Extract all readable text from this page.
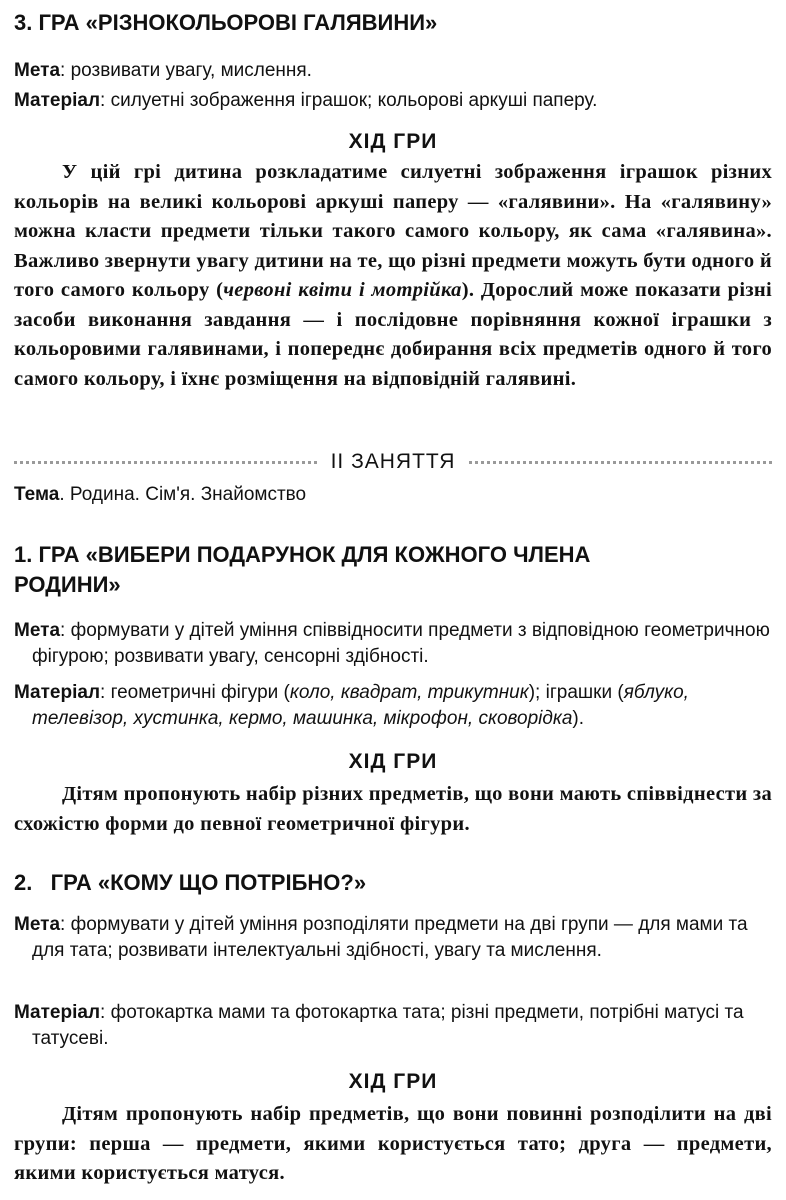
3. ГРА «РІЗНОКОЛЬОРОВІ ГАЛЯВИНИ»

Мета: розвивати увагу, мислення.

Матеріал: силуетні зображення іграшок; кольорові аркуші паперу.

ХІД ГРИ

У цій грі дитина розкладатиме силуетні зображення іграшок різних кольорів на великі кольорові аркуші паперу — «галявини». На «галявину» можна класти предмети тільки такого самого кольору, як сама «галявина». Важливо звернути увагу дитини на те, що різні предмети можуть бути одного й того самого кольору (червоні квіти і мотрійка). Дорослий може показати різні засоби виконання завдання — і послідовне порівняння кожної іграшки з кольоровими галявинами, і попереднє добирання всіх предметів одного й того самого кольору, і їхнє розміщення на відповідній галявині.

II ЗАНЯТТЯ

Тема. Родина. Сім'я. Знайомство

1. ГРА «ВИБЕРИ ПОДАРУНОК ДЛЯ КОЖНОГО ЧЛЕНА РОДИНИ»

Мета: формувати у дітей уміння співвідносити предмети з відповідною геометричною фігурою; розвивати увагу, сенсорні здібності.

Матеріал: геометричні фігури (коло, квадрат, трикутник); іграшки (яблуко, телевізор, хустинка, кермо, машинка, мікрофон, сковорідка).

ХІД ГРИ

Дітям пропонують набір різних предметів, що вони мають співвіднести за схожістю форми до певної геометричної фігури.

2.   ГРА «КОМУ ЩО ПОТРІБНО?»

Мета: формувати у дітей уміння розподіляти предмети на дві групи — для мами та для тата; розвивати інтелектуальні здібності, увагу та мислення.

Матеріал: фотокартка мами та фотокартка тата; різні предмети, потрібні матусі та татусеві.

ХІД ГРИ

Дітям пропонують набір предметів, що вони повинні розподілити на дві групи: перша — предмети, якими користується тато; друга — предмети, якими користується матуся.
